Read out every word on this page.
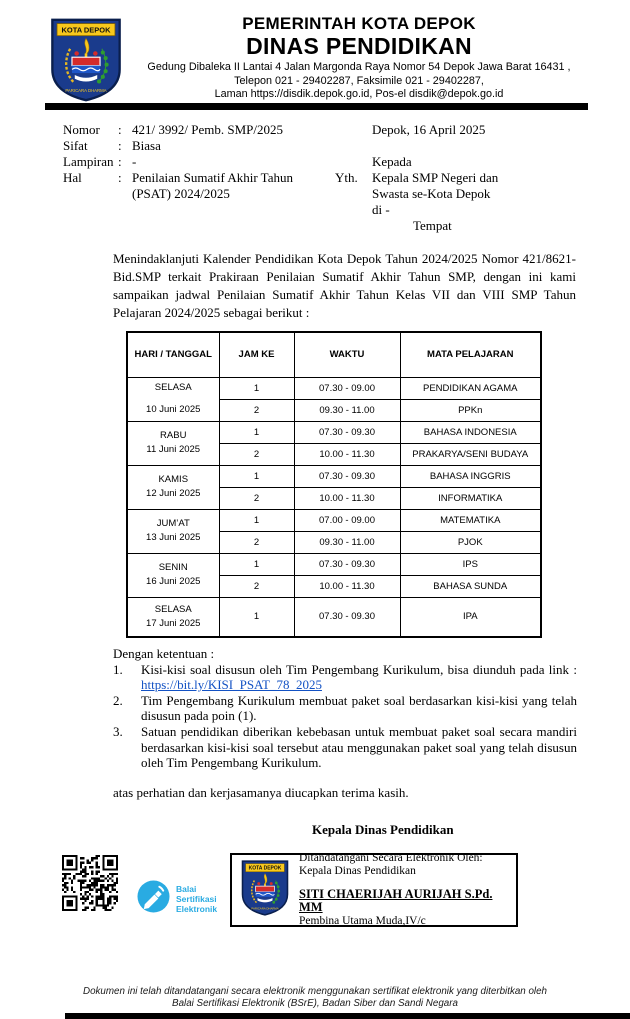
KOTA DEPOK
PARICARA DHARMA
PEMERINTAH KOTA DEPOK
DINAS PENDIDIKAN
Gedung Dibaleka II Lantai 4 Jalan Margonda Raya Nomor 54 Depok Jawa Barat 16431 ,
Telepon 021 - 29402287, Faksimile 021 - 29402287,
Laman https://disdik.depok.go.id, Pos-el disdik@depok.go.id
Nomor	: 421/ 3992/ Pemb. SMP/2025
Sifat	: Biasa
Lampiran : -
Hal	: Penilaian Sumatif Akhir Tahun
(PSAT) 2024/2025
Depok, 16 April 2025
Kepada
Yth.	Kepala SMP Negeri dan
Swasta se-Kota Depok
di -
Tempat
Menindaklanjuti Kalender Pendidikan Kota Depok Tahun 2024/2025 Nomor 421/8621-Bid.SMP terkait Prakiraan Penilaian Sumatif Akhir Tahun SMP, dengan ini kami sampaikan jadwal Penilaian Sumatif Akhir Tahun Kelas VII dan VIII SMP Tahun Pelajaran 2024/2025 sebagai berikut :
HARI / TANGGAL	JAM KE	WAKTU	MATA PELAJARAN

SELASA
10 Juni 2025	1	07.30 - 09.00	PENDIDIKAN AGAMA
	2	09.30 - 11.00	PPKn

RABU
11 Juni 2025	1	07.30 - 09.30	BAHASA INDONESIA
	2	10.00 - 11.30	PRAKARYA/SENI BUDAYA

KAMIS
12 Juni 2025	1	07.30 - 09.30	BAHASA INGGRIS
	2	10.00 - 11.30	INFORMATIKA

JUM’AT
13 Juni 2025	1	07.00 - 09.00	MATEMATIKA
	2	09.30 - 11.00	PJOK

SENIN
16 Juni 2025	1	07.30 - 09.30	IPS
	2	10.00 - 11.30	BAHASA SUNDA

SELASA
17 Juni 2025	1	07.30 - 09.30	IPA
Dengan ketentuan :
1.	Kisi-kisi soal disusun oleh Tim Pengembang Kurikulum, bisa diunduh pada link : https://bit.ly/KISI_PSAT_78_2025
2.	Tim Pengembang Kurikulum membuat paket soal berdasarkan kisi-kisi yang telah disusun pada poin (1).
3.	Satuan pendidikan diberikan kebebasan untuk membuat paket soal secara mandiri berdasarkan kisi-kisi soal tersebut atau menggunakan paket soal yang telah disusun oleh Tim Pengembang Kurikulum.
atas perhatian dan kerjasamanya diucapkan terima kasih.
Kepala Dinas Pendidikan
Balai
Sertifikasi
Elektronik
KOTA DEPOK
PARICARA DHARMA
Ditandatangani Secara Elektronik Oleh:
Kepala Dinas Pendidikan
SITI CHAERIJAH AURIJAH S.Pd. MM
Pembina Utama Muda,IV/c
Dokumen ini telah ditandatangani secara elektronik menggunakan sertifikat elektronik yang diterbitkan oleh
Balai Sertifikasi Elektronik (BSrE), Badan Siber dan Sandi Negara
